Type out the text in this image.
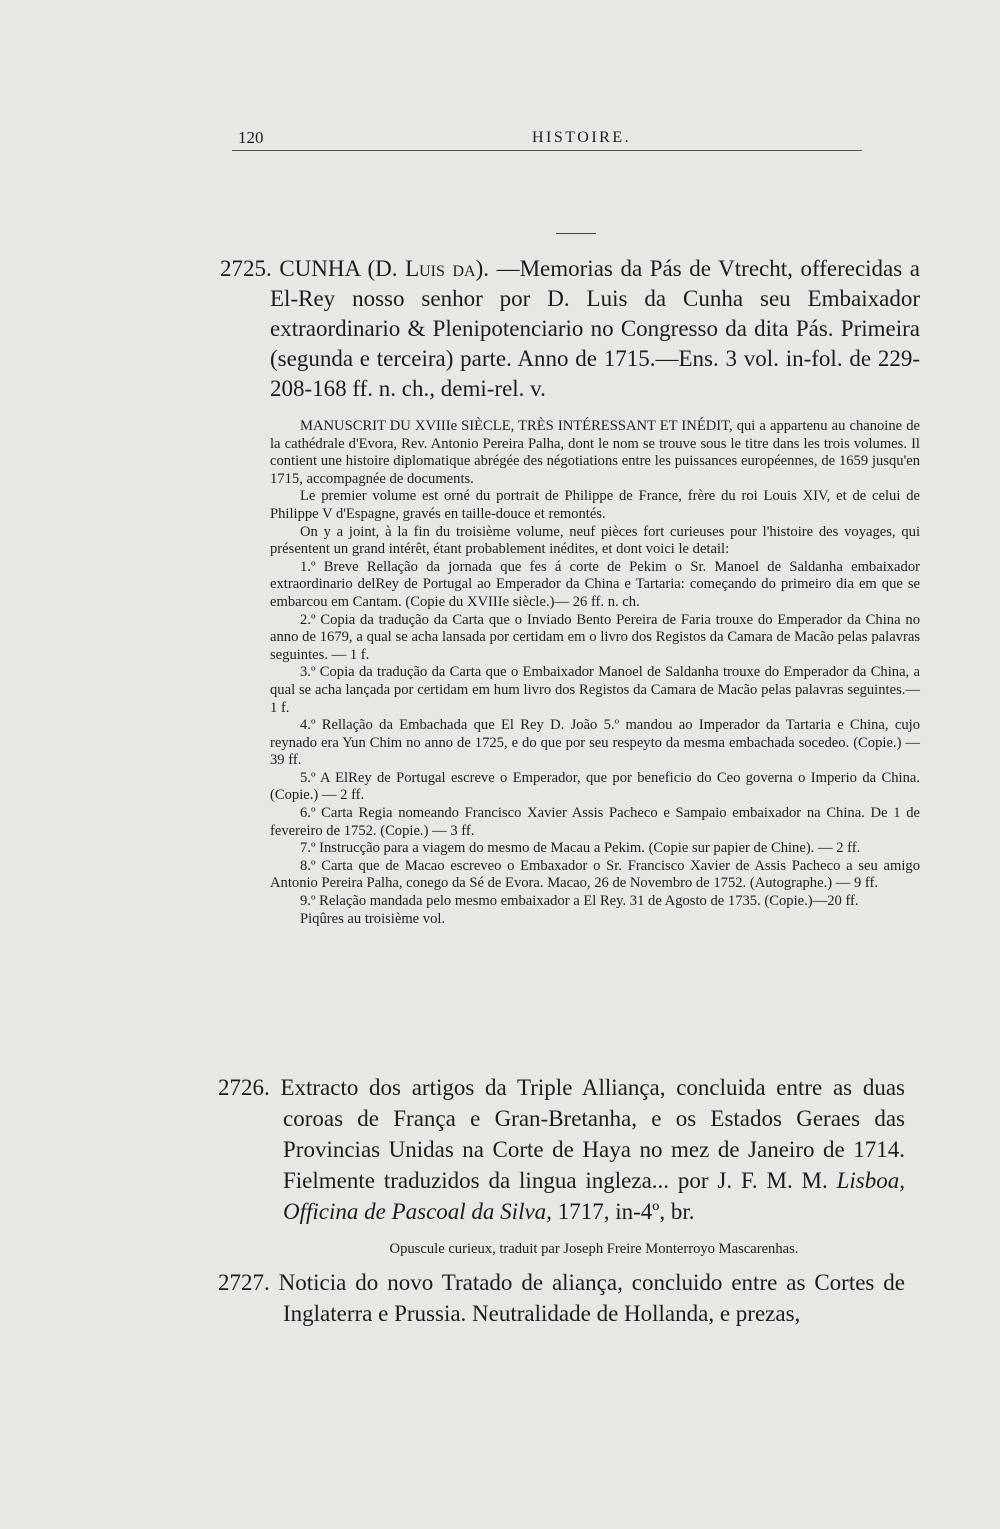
120	HISTOIRE.

2725. CUNHA (D. Luis da). —Memorias da Pás de Vtrecht, offerecidas a El-Rey nosso senhor por D. Luis da Cunha seu Embaixador extraordinario & Plenipotenciario no Congresso da dita Pás. Primeira (segunda e terceira) parte. Anno de 1715.—Ens. 3 vol. in-fol. de 229-208-168 ff. n. ch., demi-rel. v.

MANUSCRIT DU XVIIIe SIÈCLE, TRÈS INTÉRESSANT ET INÉDIT, qui a appartenu au chanoine de la cathédrale d'Evora, Rev. Antonio Pereira Palha, dont le nom se trouve sous le titre dans les trois volumes. Il contient une histoire diplomatique abrégée des négotiations entre les puissances européennes, de 1659 jusqu'en 1715, accompagnée de documents.

Le premier volume est orné du portrait de Philippe de France, frère du roi Louis XIV, et de celui de Philippe V d'Espagne, gravés en taille-douce et remontés.

On y a joint, à la fin du troisième volume, neuf pièces fort curieuses pour l'histoire des voyages, qui présentent un grand intérêt, étant probablement inédites, et dont voici le detail:

1.º Breve Rellação da jornada que fes á corte de Pekim o Sr. Manoel de Saldanha embaixador extraordinario delRey de Portugal ao Emperador da China e Tartaria: começando do primeiro dia em que se embarcou em Cantam. (Copie du XVIIIe siècle.)— 26 ff. n. ch.

2.º Copia da tradução da Carta que o Inviado Bento Pereira de Faria trouxe do Emperador da China no anno de 1679, a qual se acha lansada por certidam em o livro dos Registos da Camara de Macão pelas palavras seguintes. — 1 f.

3.º Copia da tradução da Carta que o Embaixador Manoel de Saldanha trouxe do Emperador da China, a qual se acha lançada por certidam em hum livro dos Registos da Camara de Macão pelas palavras seguintes.—1 f.

4.º Rellação da Embachada que El Rey D. João 5.º mandou ao Imperador da Tartaria e China, cujo reynado era Yun Chim no anno de 1725, e do que por seu respeyto da mesma embachada socedeo. (Copie.) — 39 ff.

5.º A ElRey de Portugal escreve o Emperador, que por beneficio do Ceo governa o Imperio da China. (Copie.) — 2 ff.

6.º Carta Regia nomeando Francisco Xavier Assis Pacheco e Sampaio embaixador na China. De 1 de fevereiro de 1752. (Copie.) — 3 ff.

7.º Instrucção para a viagem do mesmo de Macau a Pekim. (Copie sur papier de Chine). — 2 ff.

8.º Carta que de Macao escreveo o Embaxador o Sr. Francisco Xavier de Assis Pacheco a seu amigo Antonio Pereira Palha, conego da Sé de Evora. Macao, 26 de Novembro de 1752. (Autographe.) — 9 ff.

9.º Relação mandada pelo mesmo embaixador a El Rey. 31 de Agosto de 1735. (Copie.)—20 ff.

Piqûres au troisième vol.

2726. Extracto dos artigos da Triple Alliança, concluida entre as duas coroas de França e Gran-Bretanha, e os Estados Geraes das Provincias Unidas na Corte de Haya no mez de Janeiro de 1714. Fielmente traduzidos da lingua ingleza... por J. F. M. M. Lisboa, Officina de Pascoal da Silva, 1717, in-4º, br.

Opuscule curieux, traduit par Joseph Freire Monterroyo Mascarenhas.

2727. Noticia do novo Tratado de aliança, concluido entre as Cortes de Inglaterra e Prussia. Neutralidade de Hollanda, e prezas,
